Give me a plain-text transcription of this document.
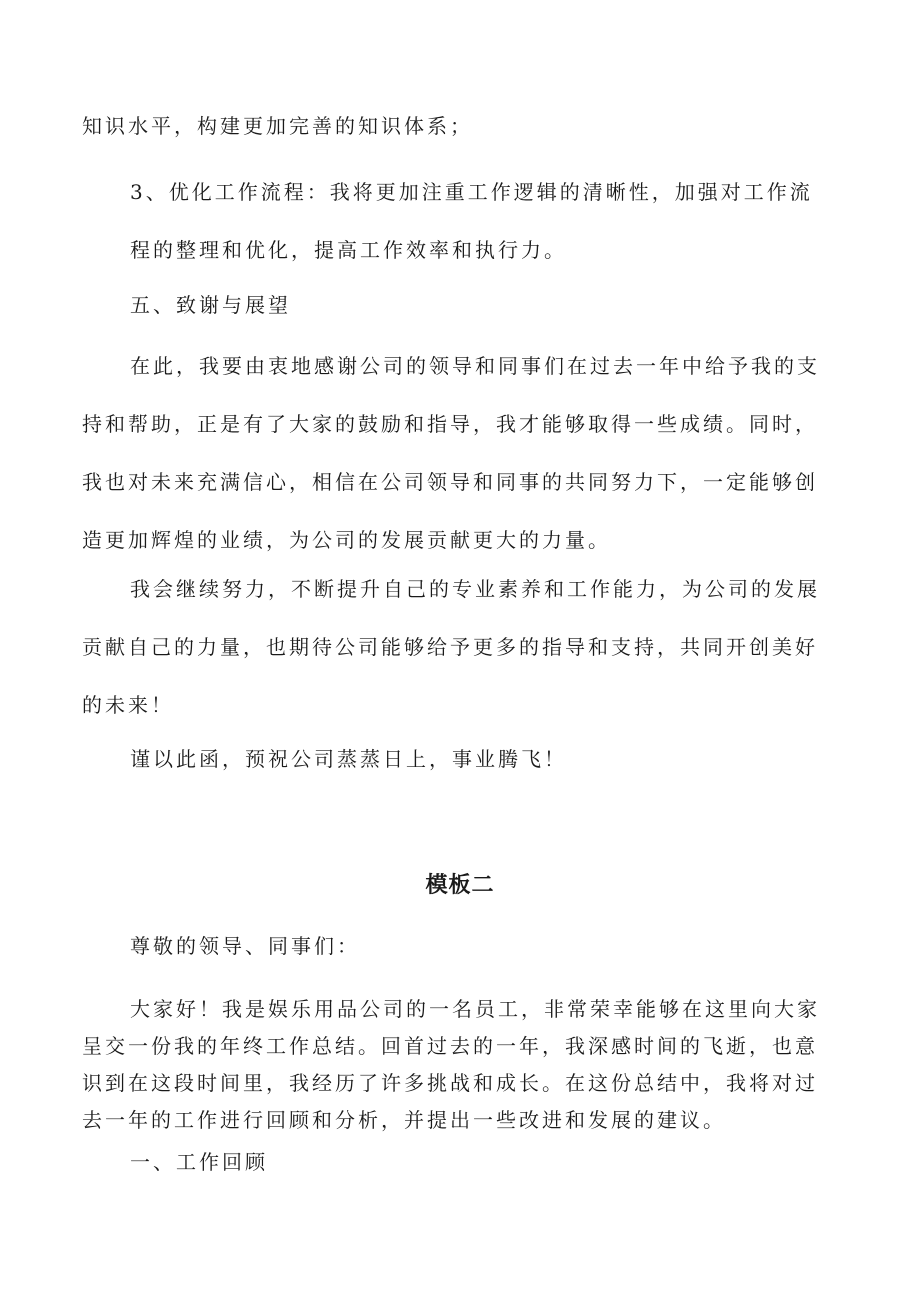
知识水平，构建更加完善的知识体系；

3、优化工作流程：我将更加注重工作逻辑的清晰性，加强对工作流
程的整理和优化，提高工作效率和执行力。

五、致谢与展望

在此，我要由衷地感谢公司的领导和同事们在过去一年中给予我的支
持和帮助，正是有了大家的鼓励和指导，我才能够取得一些成绩。同时，
我也对未来充满信心，相信在公司领导和同事的共同努力下，一定能够创
造更加辉煌的业绩，为公司的发展贡献更大的力量。

我会继续努力，不断提升自己的专业素养和工作能力，为公司的发展
贡献自己的力量，也期待公司能够给予更多的指导和支持，共同开创美好
的未来！

谨以此函，预祝公司蒸蒸日上，事业腾飞！

模板二

尊敬的领导、同事们：

大家好！我是娱乐用品公司的一名员工，非常荣幸能够在这里向大家
呈交一份我的年终工作总结。回首过去的一年，我深感时间的飞逝，也意
识到在这段时间里，我经历了许多挑战和成长。在这份总结中，我将对过
去一年的工作进行回顾和分析，并提出一些改进和发展的建议。

一、工作回顾
